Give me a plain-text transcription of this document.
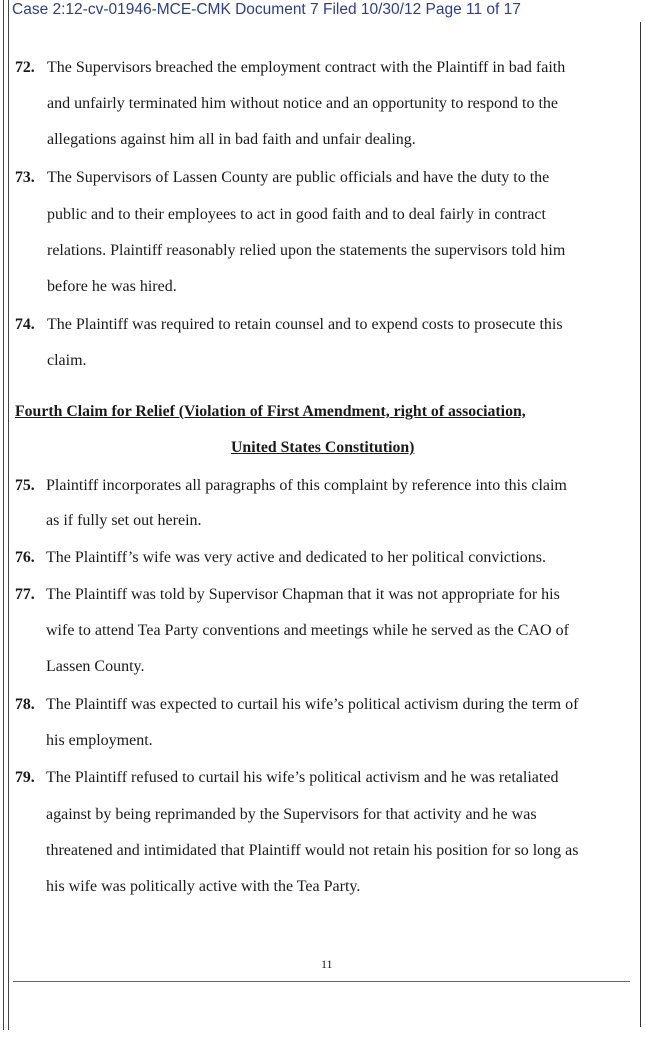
Case 2:12-cv-01946-MCE-CMK Document 7 Filed 10/30/12 Page 11 of 17
72. The Supervisors breached the employment contract with the Plaintiff in bad faith
and unfairly terminated him without notice and an opportunity to respond to the
allegations against him all in bad faith and unfair dealing.
73. The Supervisors of Lassen County are public officials and have the duty to the
public and to their employees to act in good faith and to deal fairly in contract
relations. Plaintiff reasonably relied upon the statements the supervisors told him
before he was hired.
74. The Plaintiff was required to retain counsel and to expend costs to prosecute this
claim.
Fourth Claim for Relief (Violation of First Amendment, right of association,
United States Constitution)
75. Plaintiff incorporates all paragraphs of this complaint by reference into this claim
as if fully set out herein.
76. The Plaintiff’s wife was very active and dedicated to her political convictions.
77. The Plaintiff was told by Supervisor Chapman that it was not appropriate for his
wife to attend Tea Party conventions and meetings while he served as the CAO of
Lassen County.
78. The Plaintiff was expected to curtail his wife’s political activism during the term of
his employment.
79. The Plaintiff refused to curtail his wife’s political activism and he was retaliated
against by being reprimanded by the Supervisors for that activity and he was
threatened and intimidated that Plaintiff would not retain his position for so long as
his wife was politically active with the Tea Party.
11
